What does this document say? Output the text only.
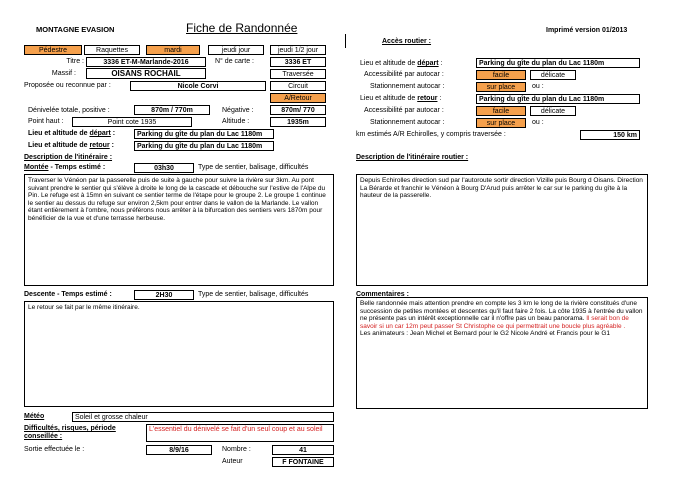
MONTAGNE EVASION	Fiche de Randonnée	Imprimé version 01/2013
Pédestre	Raquettes	mardi	jeudi jour	jeudi 1/2 jour
Titre :	3336 ET-M-Marlande-2016	N° de carte :	3336 ET
Massif :	OISANS ROCHAIL	Traversée
Proposée ou reconnue par :	Nicole Corvi	Circuit
A/Retour
Dénivelée totale, positive :	870m / 770m	Négative :	870m/ 770
Point haut :	Point cote 1935	Altitude :	1935m
Lieu et altitude de départ :	Parking du gîte du plan du Lac 1180m
Lieu et altitude de retour :	Parking du gîte du plan du Lac 1180m
Description de l'itinéraire :
Montée - Temps estimé :	03h30	Type de sentier, balisage, difficultés
Traverser le Vénéon par la passerelle puis de suite à gauche pour suivre la rivière sur 3km. Au pont suivant prendre le sentier qui s'élève à droite le long de la cascade et débouche sur l'estive de l'Alpe du Pin. Le refuge est à 15mn en suivant ce sentier terme de l'étape pour le groupe 2. Le groupe 1 continue le sentier au dessus du refuge sur environ 2,5km pour entrer dans le vallon de la Marlande. Le vallon étant entièrement à l'ombre, nous préférons nous arrêter à la bifurcation des sentiers vers 1870m pour bénéficier de la vue et d'une terrasse herbeuse.
Descente - Temps estimé :	2H30	Type de sentier, balisage, difficultés
Le retour se fait par le même itinéraire.
Météo	Soleil et grosse chaleur
Difficultés, risques, période conseillée :
L'essentiel du dénivelé se fait d'un seul coup et au soleil
Sortie effectuée le :	8/9/16	Nombre :	41
Auteur	F FONTAINE
Accès routier :
Lieu et altitude de départ :	Parking du gîte du plan du Lac 1180m
Accessibilité par autocar :	facile	délicate
Stationnement autocar :	sur place	ou :
Lieu et altitude de retour :	Parking du gîte du plan du Lac 1180m
Accessibilité par autocar :	facile	délicate
Stationnement autocar :	sur place	ou :
km estimés A/R Echirolles, y compris traversée :	150 km
Description de l'itinéraire routier :
Depuis Echirolles direction sud par l'autoroute sortir direction Vizille puis Bourg d Oisans. Direction La Bérarde et franchir le Vénéon à Bourg D'Arud puis arrêter le car sur le parking du gîte à la hauteur de la passerelle.
Commentaires :
Belle randonnée mais attention prendre en compte les 3 km le long de la rivière constitués d'une succession de petites montées et descentes qu'il faut faire 2 fois. La côte 1935 à l'entrée du vallon ne présente pas un intérêt exceptionnelle car il n'offre pas un beau panorama. Il serait bon de savoir si un car 12m peut passer St Christophe ce qui permettrait une boucle plus agréable .
Les animateurs : Jean Michel et Bernard pour le G2 Nicole André et Francis pour le G1
